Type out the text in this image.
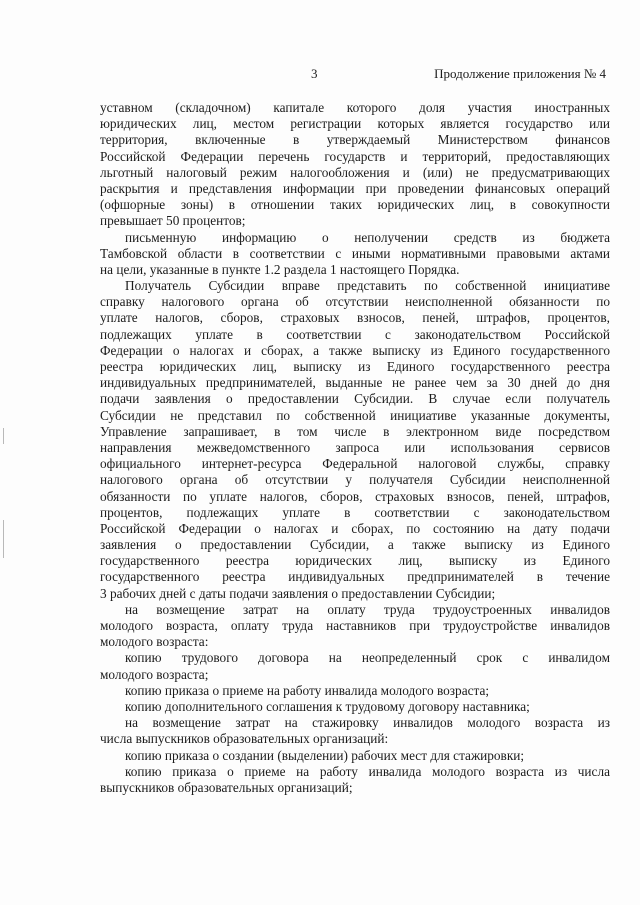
3	Продолжение приложения № 4
уставном (складочном) капитале которого доля участия иностранных
юридических лиц, местом регистрации которых является государство или
территория, включенные в утверждаемый Министерством финансов
Российской Федерации перечень государств и территорий, предоставляющих
льготный налоговый режим налогообложения и (или) не предусматривающих
раскрытия и представления информации при проведении финансовых операций
(офшорные зоны) в отношении таких юридических лиц, в совокупности
превышает 50 процентов;
письменную информацию о неполучении средств из бюджета
Тамбовской области в соответствии с иными нормативными правовыми актами
на цели, указанные в пункте 1.2 раздела 1 настоящего Порядка.
Получатель Субсидии вправе представить по собственной инициативе
справку налогового органа об отсутствии неисполненной обязанности по
уплате налогов, сборов, страховых взносов, пеней, штрафов, процентов,
подлежащих уплате в соответствии с законодательством Российской
Федерации о налогах и сборах, а также выписку из Единого государственного
реестра юридических лиц, выписку из Единого государственного реестра
индивидуальных предпринимателей, выданные не ранее чем за 30 дней до дня
подачи заявления о предоставлении Субсидии. В случае если получатель
Субсидии не представил по собственной инициативе указанные документы,
Управление запрашивает, в том числе в электронном виде посредством
направления межведомственного запроса или использования сервисов
официального интернет-ресурса Федеральной налоговой службы, справку
налогового органа об отсутствии у получателя Субсидии неисполненной
обязанности по уплате налогов, сборов, страховых взносов, пеней, штрафов,
процентов, подлежащих уплате в соответствии с законодательством
Российской Федерации о налогах и сборах, по состоянию на дату подачи
заявления о предоставлении Субсидии, а также выписку из Единого
государственного реестра юридических лиц, выписку из Единого
государственного реестра индивидуальных предпринимателей в течение
3 рабочих дней с даты подачи заявления о предоставлении Субсидии;
на возмещение затрат на оплату труда трудоустроенных инвалидов
молодого возраста, оплату труда наставников при трудоустройстве инвалидов
молодого возраста:
копию трудового договора на неопределенный срок с инвалидом
молодого возраста;
копию приказа о приеме на работу инвалида молодого возраста;
копию дополнительного соглашения к трудовому договору наставника;
на возмещение затрат на стажировку инвалидов молодого возраста из
числа выпускников образовательных организаций:
копию приказа о создании (выделении) рабочих мест для стажировки;
копию приказа о приеме на работу инвалида молодого возраста из числа
выпускников образовательных организаций;
